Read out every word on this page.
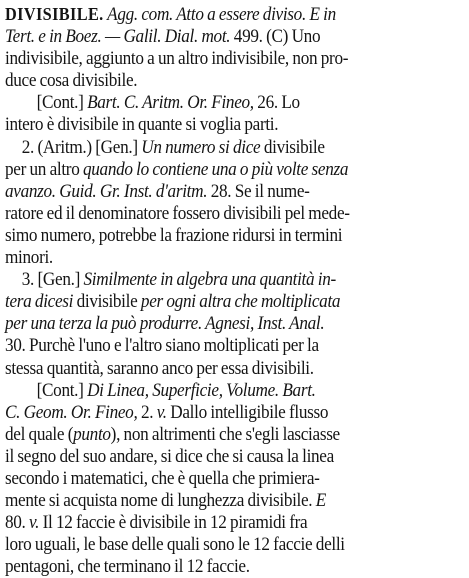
DIVISIBILE. Agg. com. Atto a essere diviso. E in
Tert. e in Boez. — Galil. Dial. mot. 499. (C) Uno
indivisibile, aggiunto a un altro indivisibile, non pro-
duce cosa divisibile.
[Cont.] Bart. C. Aritm. Or. Fineo, 26. Lo
intero è divisibile in quante si voglia parti.
2. (Aritm.) [Gen.] Un numero si dice divisibile
per un altro quando lo contiene una o più volte senza
avanzo. Guid. Gr. Inst. d'aritm. 28. Se il nume-
ratore ed il denominatore fossero divisibili pel mede-
simo numero, potrebbe la frazione ridursi in termini
minori.
3. [Gen.] Similmente in algebra una quantità in-
tera dicesi divisibile per ogni altra che moltiplicata
per una terza la può produrre. Agnesi, Inst. Anal.
30. Purchè l'uno e l'altro siano moltiplicati per la
stessa quantità, saranno anco per essa divisibili.
[Cont.] Di Linea, Superficie, Volume. Bart.
C. Geom. Or. Fineo, 2. v. Dallo intelligibile flusso
del quale (punto), non altrimenti che s'egli lasciasse
il segno del suo andare, si dice che si causa la linea
secondo i matematici, che è quella che primiera-
mente si acquista nome di lunghezza divisibile. E
80. v. Il 12 faccie è divisibile in 12 piramidi fra
loro uguali, le base delle quali sono le 12 faccie delli
pentagoni, che terminano il 12 faccie.
